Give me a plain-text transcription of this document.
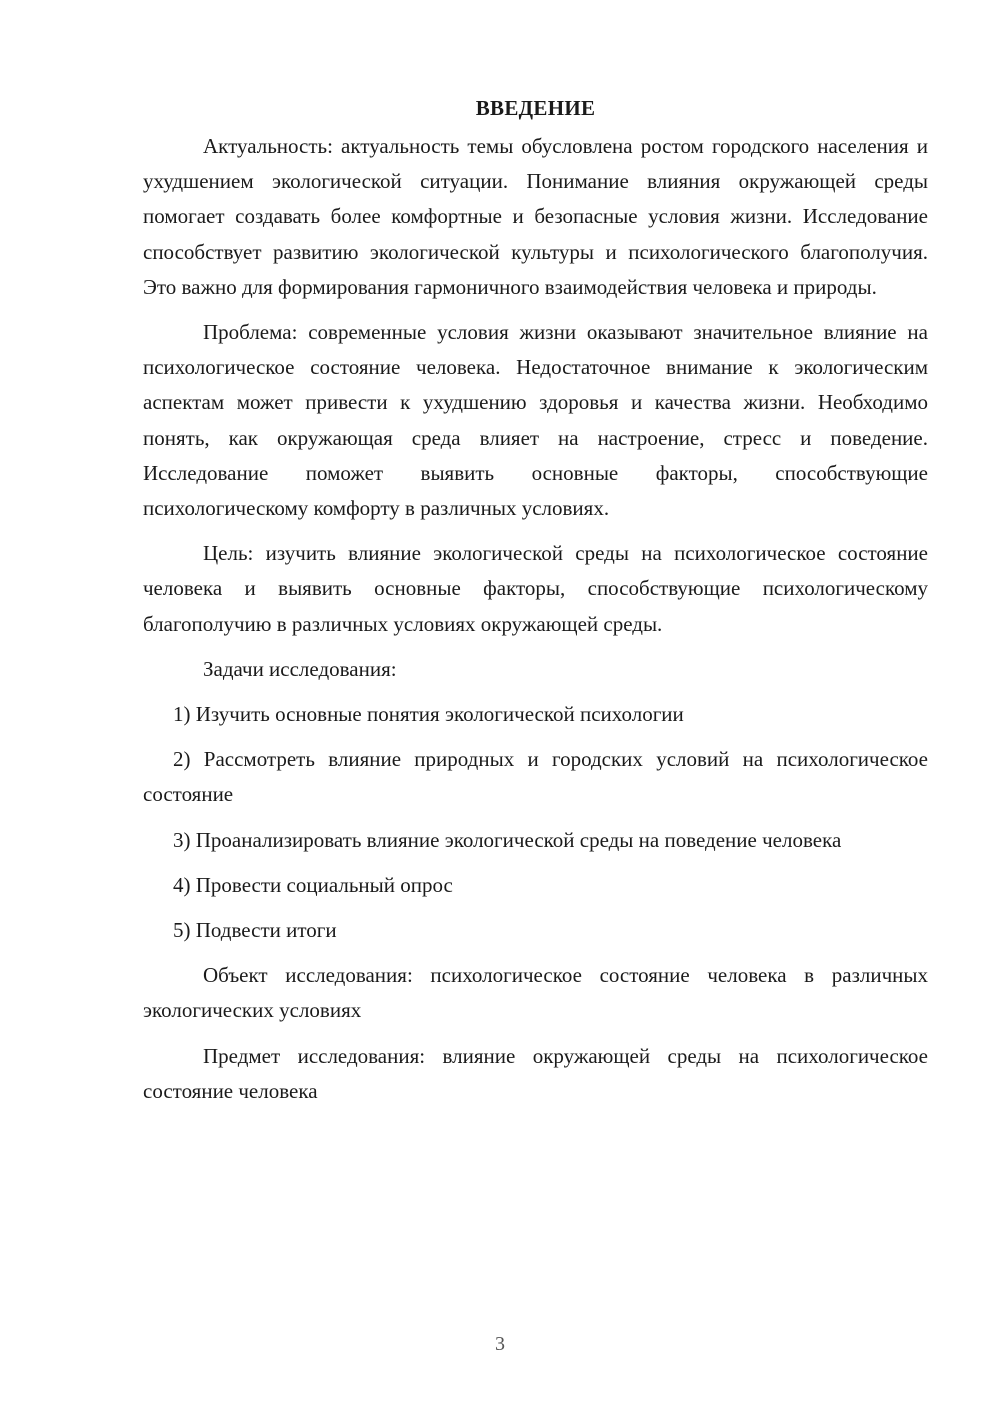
ВВЕДЕНИЕ

Актуальность: актуальность темы обусловлена ростом городского населения и ухудшением экологической ситуации. Понимание влияния окружающей среды помогает создавать более комфортные и безопасные условия жизни. Исследование способствует развитию экологической культуры и психологического благополучия. Это важно для формирования гармоничного взаимодействия человека и природы.

Проблема: современные условия жизни оказывают значительное влияние на психологическое состояние человека. Недостаточное внимание к экологическим аспектам может привести к ухудшению здоровья и качества жизни. Необходимо понять, как окружающая среда влияет на настроение, стресс и поведение. Исследование поможет выявить основные факторы, способствующие психологическому комфорту в различных условиях.

Цель: изучить влияние экологической среды на психологическое состояние человека и выявить основные факторы, способствующие психологическому благополучию в различных условиях окружающей среды.

Задачи исследования:

1) Изучить основные понятия экологической психологии

2) Рассмотреть влияние природных и городских условий на психологическое состояние

3) Проанализировать влияние экологической среды на поведение человека

4) Провести социальный опрос

5) Подвести итоги

Объект исследования: психологическое состояние человека в различных экологических условиях

Предмет исследования: влияние окружающей среды на психологическое состояние человека

3
